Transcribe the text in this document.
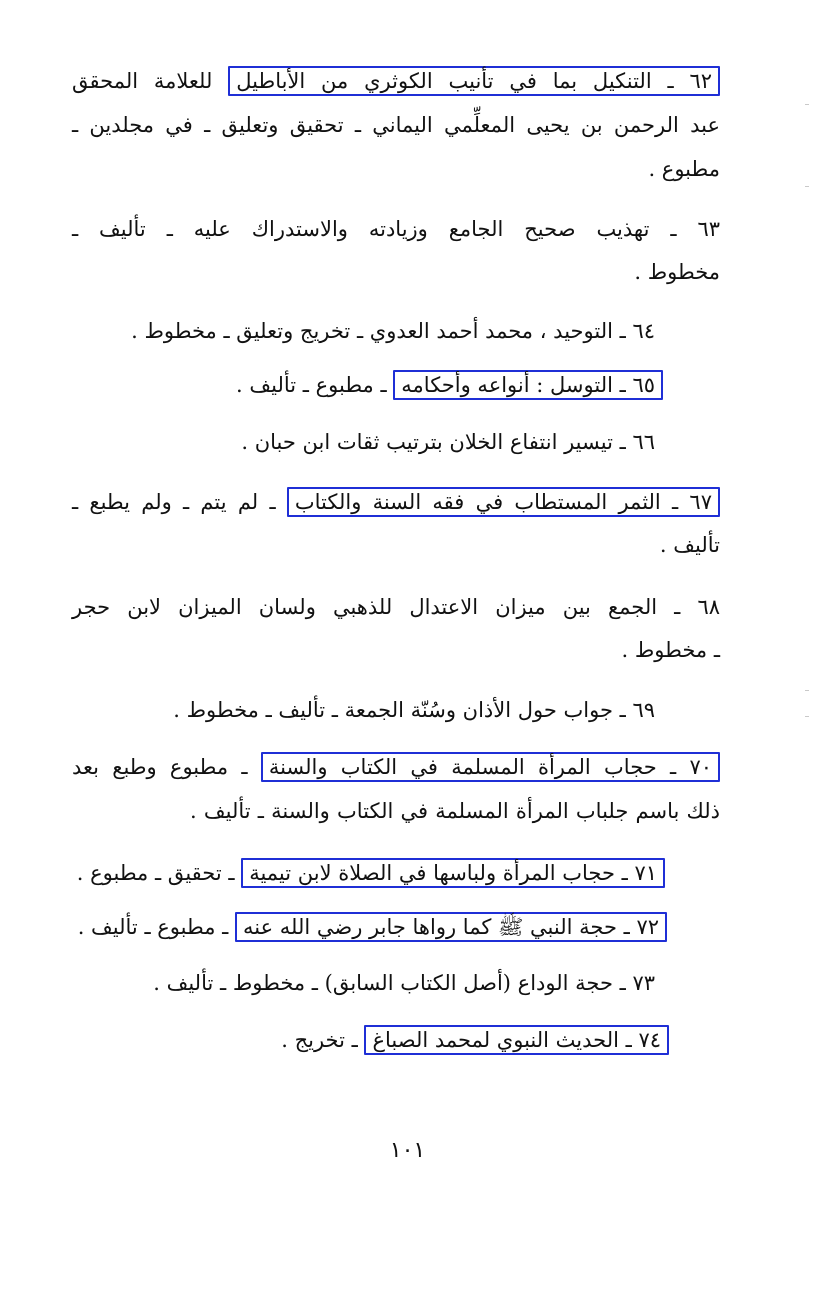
٦٢ ـ التنكيل بما في تأنيب الكوثري من الأباطيل للعلامة المحقق
عبد الرحمن بن يحيى المعلِّمي اليماني ـ تحقيق وتعليق ـ في مجلدين ـ
مطبوع .
٦٣ ـ تهذيب صحيح الجامع وزيادته والاستدراك عليه ـ تأليف ـ
مخطوط .
٦٤ ـ التوحيد ، محمد أحمد العدوي ـ تخريج وتعليق ـ مخطوط .
٦٥ ـ التوسل : أنواعه وأحكامه ـ مطبوع ـ تأليف .
٦٦ ـ تيسير انتفاع الخلان بترتيب ثقات ابن حبان .
٦٧ ـ الثمر المستطاب في فقه السنة والكتاب ـ لم يتم ـ ولم يطبع ـ
تأليف .
٦٨ ـ الجمع بين ميزان الاعتدال للذهبي ولسان الميزان لابن حجر
ـ مخطوط .
٦٩ ـ جواب حول الأذان وسُنّة الجمعة ـ تأليف ـ مخطوط .
٧٠ ـ حجاب المرأة المسلمة في الكتاب والسنة ـ مطبوع وطبع بعد
ذلك باسم جلباب المرأة المسلمة في الكتاب والسنة ـ تأليف .
٧١ ـ حجاب المرأة ولباسها في الصلاة لابن تيمية ـ تحقيق ـ مطبوع .
٧٢ ـ حجة النبي ﷺ كما رواها جابر رضي الله عنه ـ مطبوع ـ تأليف .
٧٣ ـ حجة الوداع (أصل الكتاب السابق) ـ مخطوط ـ تأليف .
٧٤ ـ الحديث النبوي لمحمد الصباغ ـ تخريج .
١٠١
